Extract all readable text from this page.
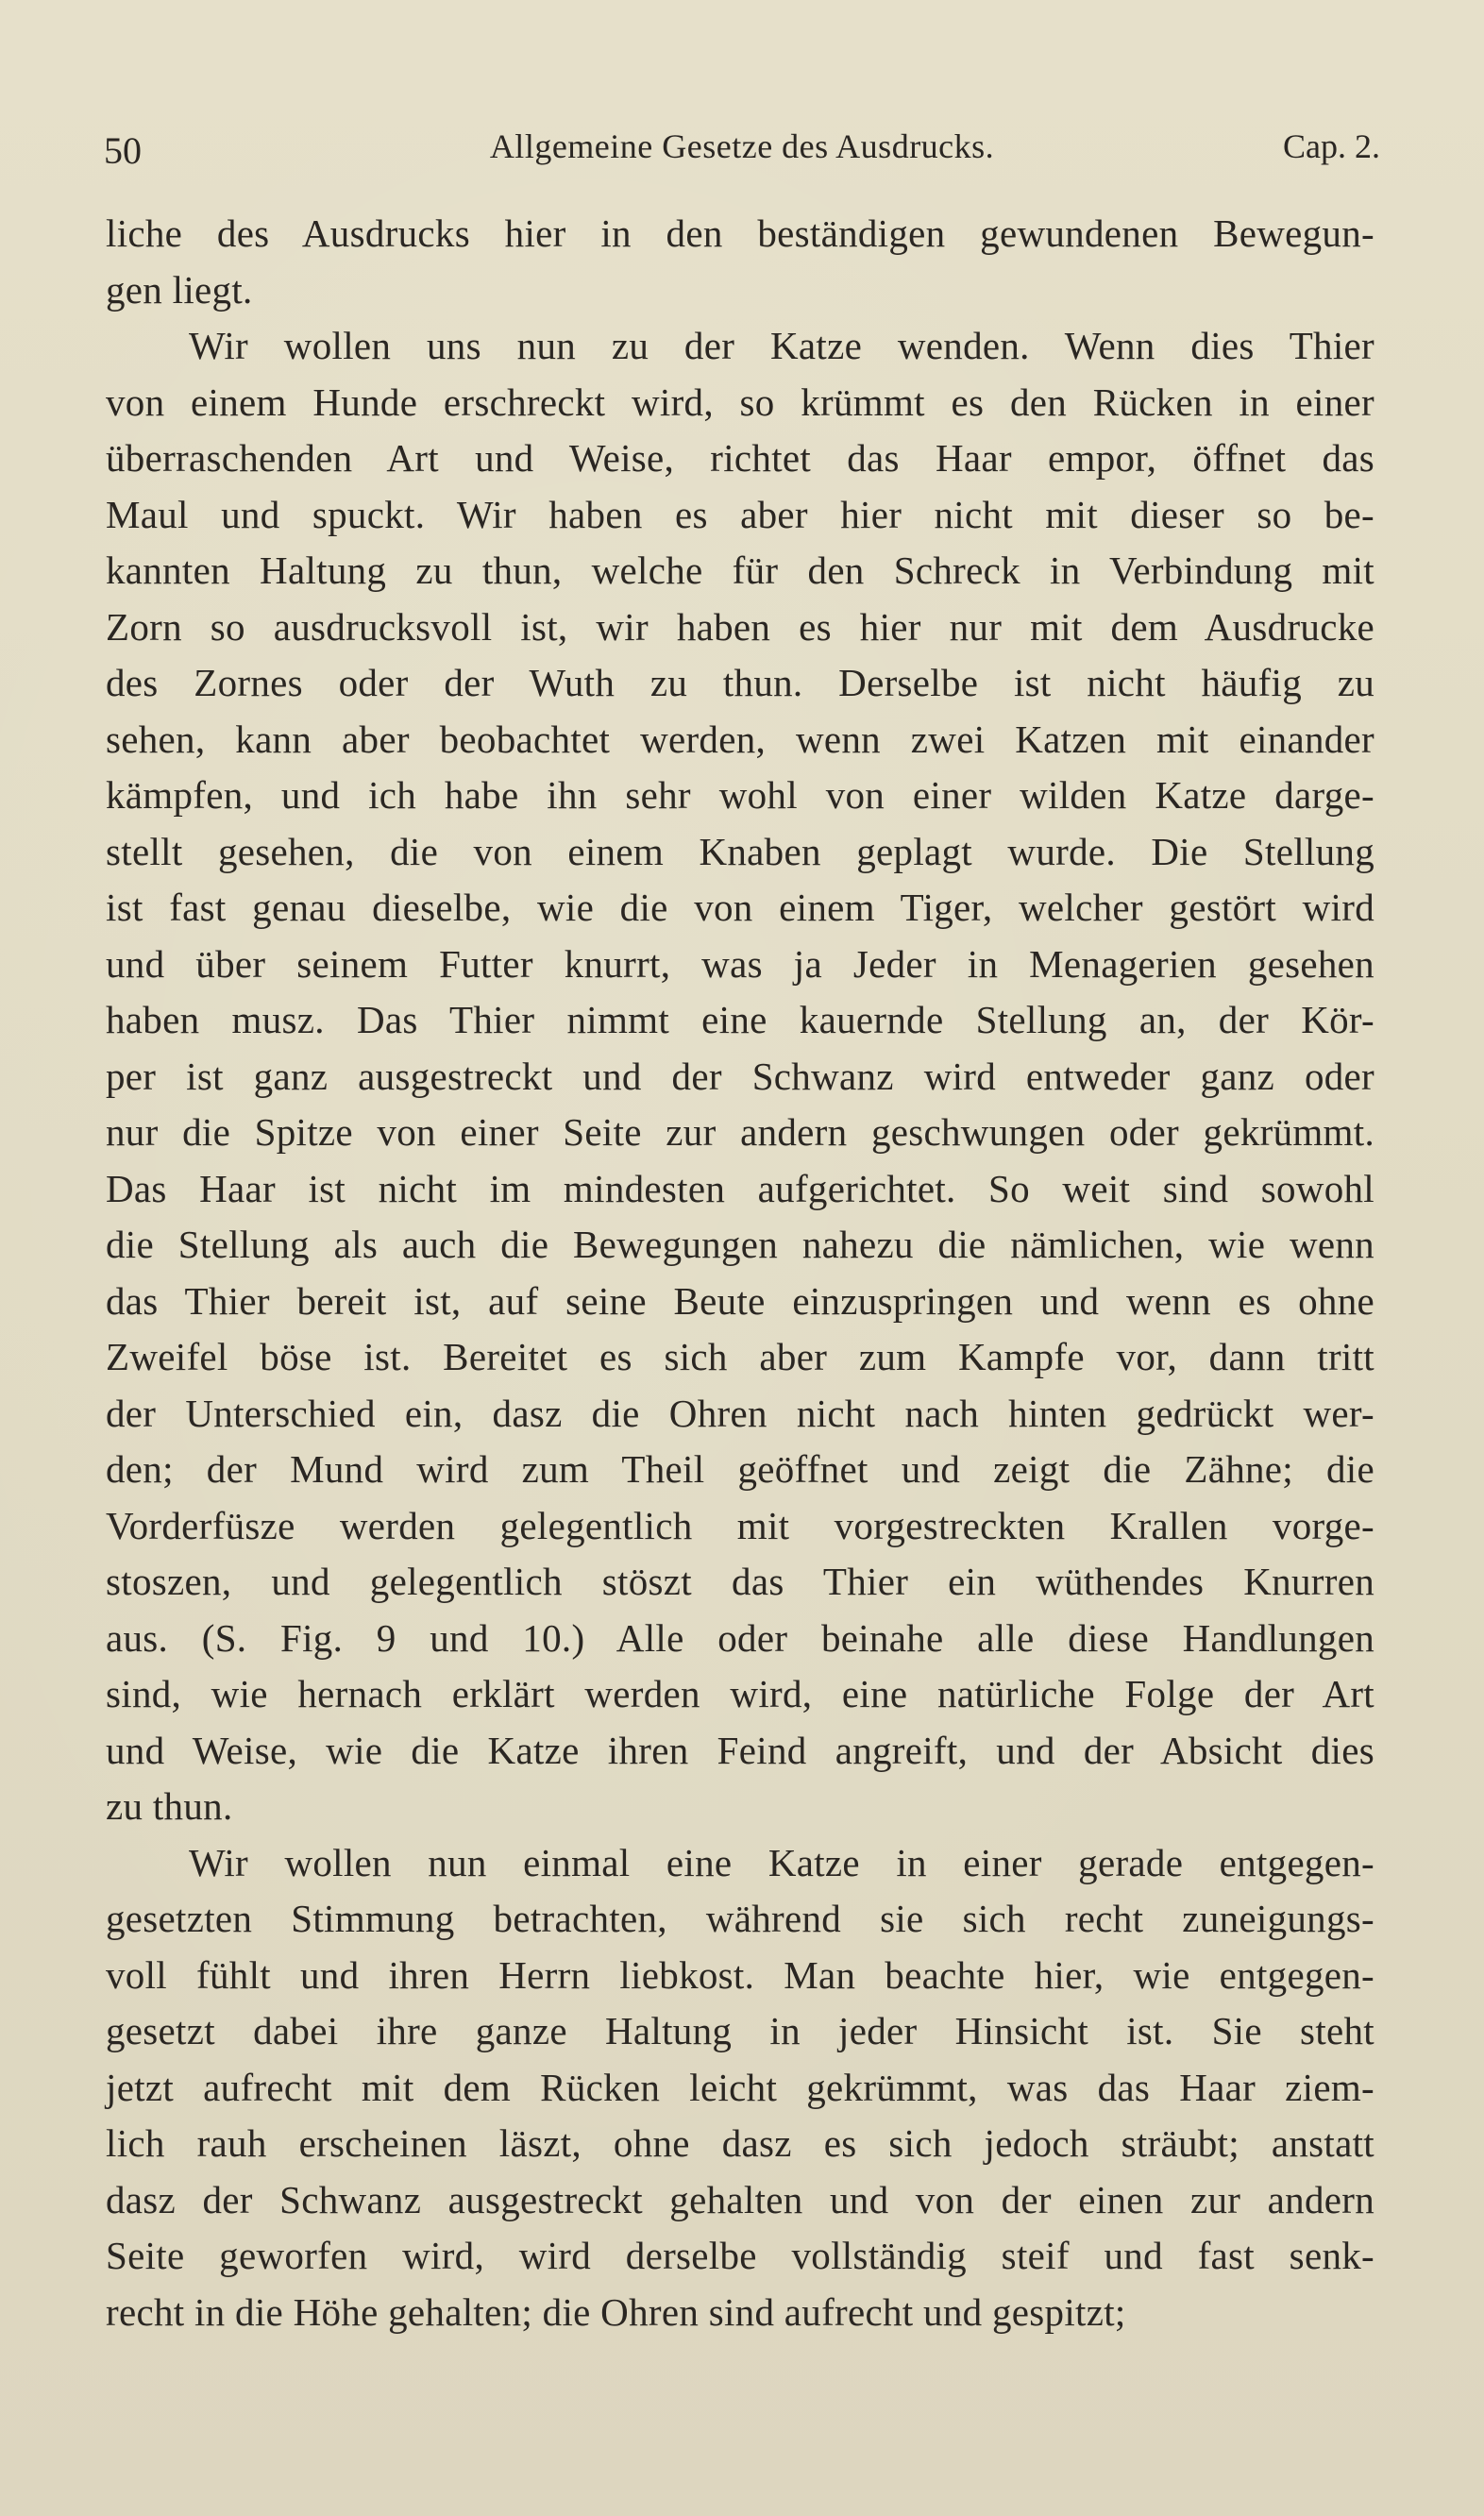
50	Allgemeine Gesetze des Ausdrucks.	Cap. 2.
liche des Ausdrucks hier in den beständigen gewundenen Bewegun-
gen liegt.
Wir wollen uns nun zu der Katze wenden. Wenn dies Thier
von einem Hunde erschreckt wird, so krümmt es den Rücken in einer
überraschenden Art und Weise, richtet das Haar empor, öffnet das
Maul und spuckt. Wir haben es aber hier nicht mit dieser so be-
kannten Haltung zu thun, welche für den Schreck in Verbindung mit
Zorn so ausdrucksvoll ist, wir haben es hier nur mit dem Ausdrucke
des Zornes oder der Wuth zu thun. Derselbe ist nicht häufig zu
sehen, kann aber beobachtet werden, wenn zwei Katzen mit einander
kämpfen, und ich habe ihn sehr wohl von einer wilden Katze darge-
stellt gesehen, die von einem Knaben geplagt wurde. Die Stellung
ist fast genau dieselbe, wie die von einem Tiger, welcher gestört wird
und über seinem Futter knurrt, was ja Jeder in Menagerien gesehen
haben musz. Das Thier nimmt eine kauernde Stellung an, der Kör-
per ist ganz ausgestreckt und der Schwanz wird entweder ganz oder
nur die Spitze von einer Seite zur andern geschwungen oder gekrümmt.
Das Haar ist nicht im mindesten aufgerichtet. So weit sind sowohl
die Stellung als auch die Bewegungen nahezu die nämlichen, wie wenn
das Thier bereit ist, auf seine Beute einzuspringen und wenn es ohne
Zweifel böse ist. Bereitet es sich aber zum Kampfe vor, dann tritt
der Unterschied ein, dasz die Ohren nicht nach hinten gedrückt wer-
den; der Mund wird zum Theil geöffnet und zeigt die Zähne; die
Vorderfüsze werden gelegentlich mit vorgestreckten Krallen vorge-
stoszen, und gelegentlich stöszt das Thier ein wüthendes Knurren
aus. (S. Fig. 9 und 10.) Alle oder beinahe alle diese Handlungen
sind, wie hernach erklärt werden wird, eine natürliche Folge der Art
und Weise, wie die Katze ihren Feind angreift, und der Absicht dies
zu thun.
Wir wollen nun einmal eine Katze in einer gerade entgegen-
gesetzten Stimmung betrachten, während sie sich recht zuneigungs-
voll fühlt und ihren Herrn liebkost. Man beachte hier, wie entgegen-
gesetzt dabei ihre ganze Haltung in jeder Hinsicht ist. Sie steht
jetzt aufrecht mit dem Rücken leicht gekrümmt, was das Haar ziem-
lich rauh erscheinen läszt, ohne dasz es sich jedoch sträubt; anstatt
dasz der Schwanz ausgestreckt gehalten und von der einen zur andern
Seite geworfen wird, wird derselbe vollständig steif und fast senk-
recht in die Höhe gehalten; die Ohren sind aufrecht und gespitzt;
